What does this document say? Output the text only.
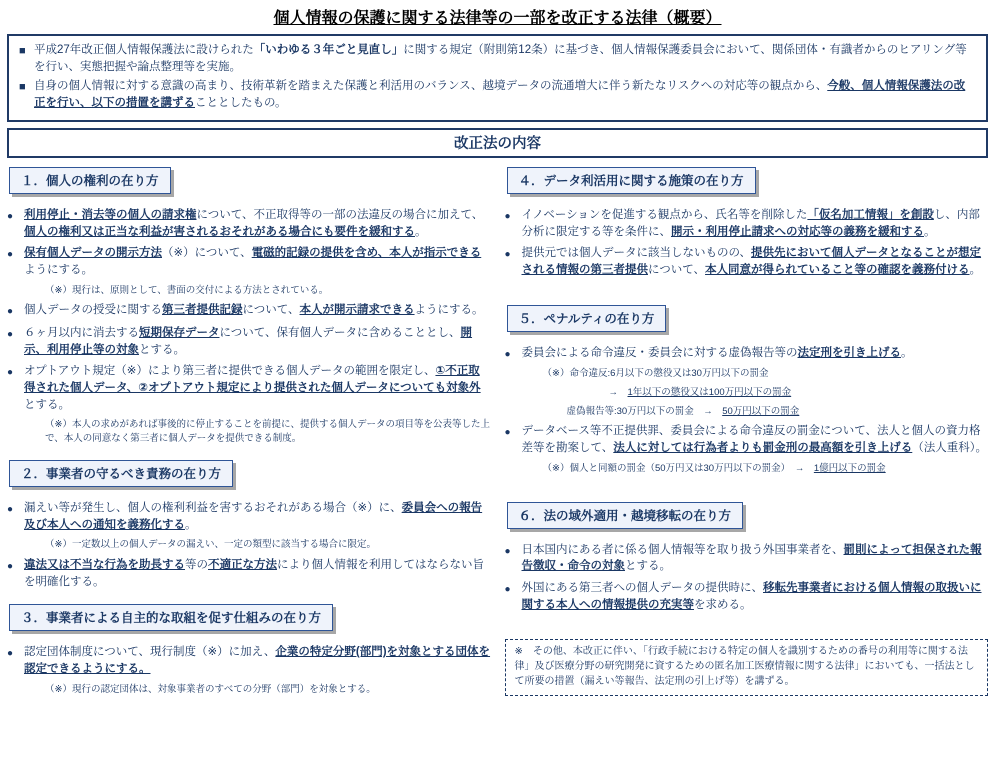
個人情報の保護に関する法律等の一部を改正する法律（概要）
■ 平成27年改正個人情報保護法に設けられた「いわゆる３年ごと見直し」に関する規定（附則第12条）に基づき、個人情報保護委員会において、関係団体・有識者からのヒアリング等を行い、実態把握や論点整理等を実施。
■ 自身の個人情報に対する意識の高まり、技術革新を踏まえた保護と利活用のバランス、越境データの流通増大に伴う新たなリスクへの対応等の観点から、今般、個人情報保護法の改正を行い、以下の措置を講ずることとしたもの。
改正法の内容
１．個人の権利の在り方
● 利用停止・消去等の個人の請求権について、不正取得等の一部の法違反の場合に加えて、個人の権利又は正当な利益が害されるおそれがある場合にも要件を緩和する。
● 保有個人データの開示方法（※）について、電磁的記録の提供を含め、本人が指示できるようにする。
（※）現行は、原則として、書面の交付による方法とされている。
● 個人データの授受に関する第三者提供記録について、本人が開示請求できるようにする。
● ６ヶ月以内に消去する短期保存データについて、保有個人データに含めることとし、開示、利用停止等の対象とする。
● オプトアウト規定（※）により第三者に提供できる個人データの範囲を限定し、①不正取得された個人データ、②オプトアウト規定により提供された個人データについても対象外とする。
（※）本人の求めがあれば事後的に停止することを前提に、提供する個人データの項目等を公表等した上で、本人の同意なく第三者に個人データを提供できる制度。
２．事業者の守るべき責務の在り方
● 漏えい等が発生し、個人の権利利益を害するおそれがある場合（※）に、委員会への報告及び本人への通知を義務化する。
（※）一定数以上の個人データの漏えい、一定の類型に該当する場合に限定。
● 違法又は不当な行為を助長する等の不適正な方法により個人情報を利用してはならない旨を明確化する。
３．事業者による自主的な取組を促す仕組みの在り方
● 認定団体制度について、現行制度（※）に加え、企業の特定分野(部門)を対象とする団体を認定できるようにする。
（※）現行の認定団体は、対象事業者のすべての分野（部門）を対象とする。
４．データ利活用に関する施策の在り方
● イノベーションを促進する観点から、氏名等を削除した「仮名加工情報」を創設し、内部分析に限定する等を条件に、開示・利用停止請求への対応等の義務を緩和する。
● 提供元では個人データに該当しないものの、提供先において個人データとなることが想定される情報の第三者提供について、本人同意が得られていること等の確認を義務付ける。
５．ペナルティの在り方
● 委員会による命令違反・委員会に対する虚偽報告等の法定刑を引き上げる。
（※）命令違反:6月以下の懲役又は30万円以下の罰金
→　1年以下の懲役又は100万円以下の罰金
虚偽報告等:30万円以下の罰金　→　50万円以下の罰金
● データベース等不正提供罪、委員会による命令違反の罰金について、法人と個人の資力格差等を勘案して、法人に対しては行為者よりも罰金刑の最高額を引き上げる（法人重科）。
（※）個人と同額の罰金（50万円又は30万円以下の罰金）　→　1億円以下の罰金
６．法の域外適用・越境移転の在り方
● 日本国内にある者に係る個人情報等を取り扱う外国事業者を、罰則によって担保された報告徴収・命令の対象とする。
● 外国にある第三者への個人データの提供時に、移転先事業者における個人情報の取扱いに関する本人への情報提供の充実等を求める。
※　その他、本改正に伴い、「行政手続における特定の個人を識別するための番号の利用等に関する法律」及び医療分野の研究開発に資するための匿名加工医療情報に関する法律」においても、一括法として所要の措置（漏えい等報告、法定刑の引上げ等）を講ずる。
